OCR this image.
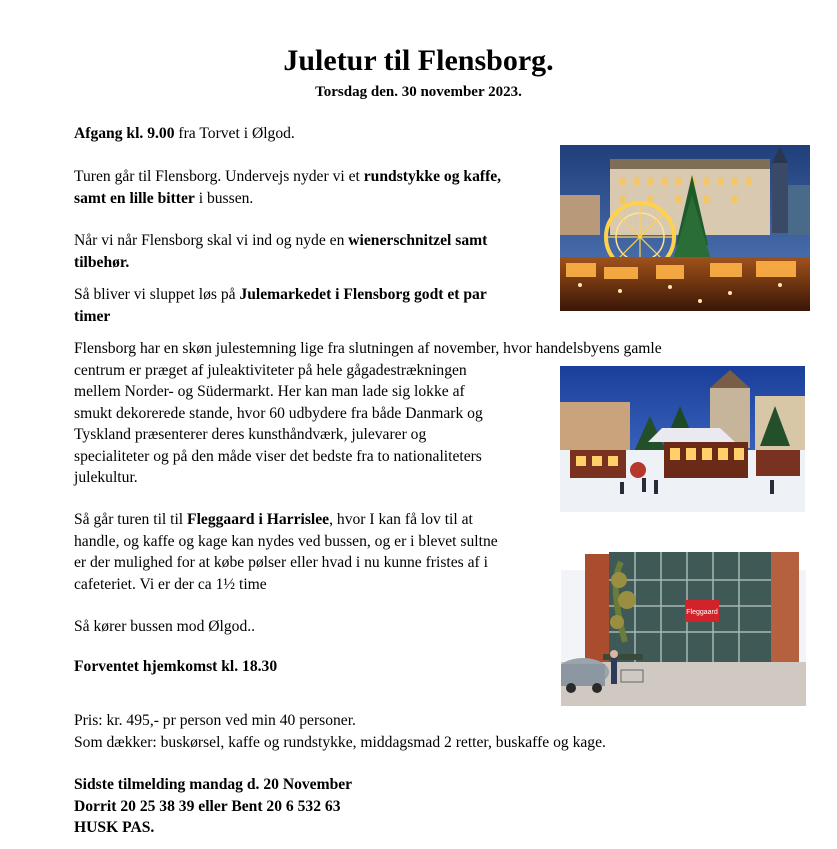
Juletur til Flensborg.
Torsdag den. 30 november 2023.

Afgang kl. 9.00 fra Torvet i Ølgod.

Turen går til Flensborg. Undervejs nyder vi et rundstykke og kaffe,
samt en lille bitter i bussen.

Når vi når Flensborg skal vi ind og nyde en wienerschnitzel samt
tilbehør.

Så bliver vi sluppet løs på Julemarkedet i Flensborg godt et par
timer

Flensborg har en skøn julestemning lige fra slutningen af november, hvor handelsbyens gamle
centrum er præget af juleaktiviteter på hele gågadestrækningen
mellem Norder- og Südermarkt. Her kan man lade sig lokke af
smukt dekorerede stande, hvor 60 udbydere fra både Danmark og
Tyskland præsenterer deres kunsthåndværk, julevarer og
specialiteter og på den måde viser det bedste fra to nationaliteters
julekultur.

Så går turen til til Fleggaard i Harrislee, hvor I kan få lov til at
handle, og kaffe og kage kan nydes ved bussen, og er i blevet sultne
er der mulighed for at købe pølser eller hvad i nu kunne fristes af i
cafeteriet. Vi er der ca 1½ time

Så kører bussen mod Ølgod..

Forventet hjemkomst kl. 18.30

Pris: kr. 495,- pr person ved min 40 personer.
Som dækker: buskørsel, kaffe og rundstykke, middagsmad 2 retter, buskaffe og kage.

Sidste tilmelding mandag d. 20 November
Dorrit 20 25 38 39 eller Bent 20 6 532 63
HUSK PAS.

Fleggaard
